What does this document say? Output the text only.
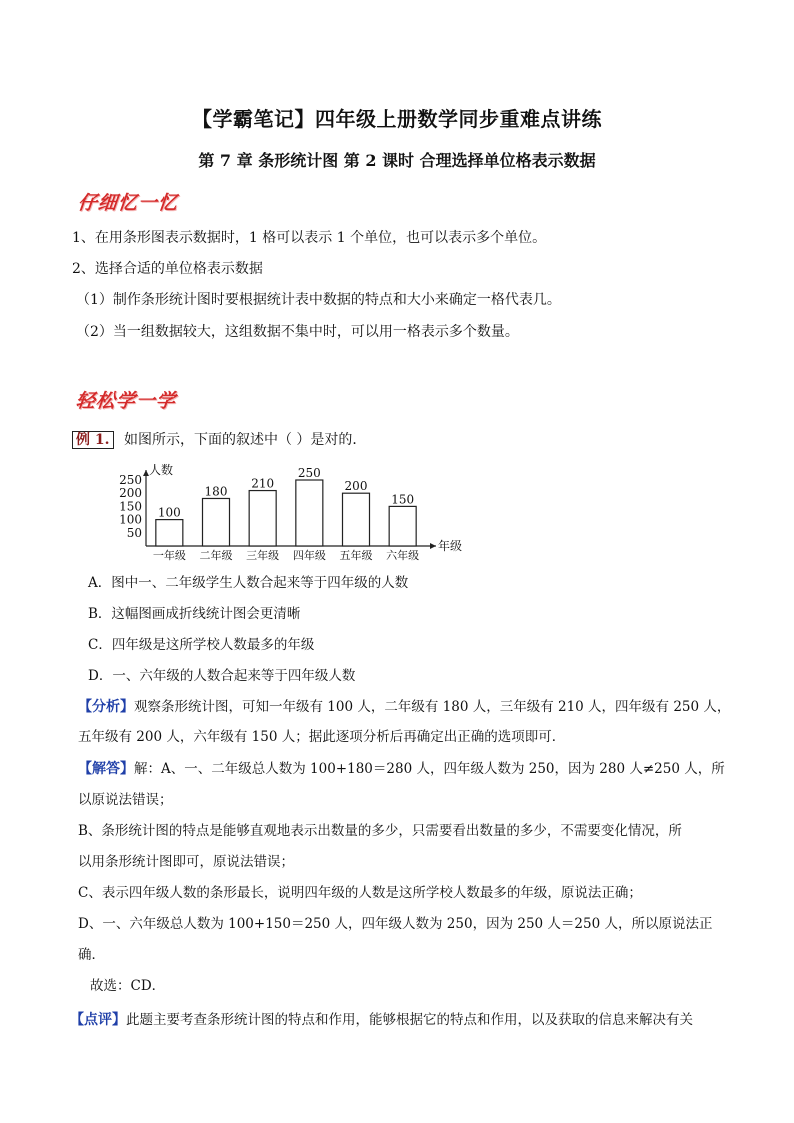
【学霸笔记】四年级上册数学同步重难点讲练
第 7 章 条形统计图 第 2 课时 合理选择单位格表示数据
仔细忆一忆
1、在用条形图表示数据时，1 格可以表示 1 个单位，也可以表示多个单位。
2、选择合适的单位格表示数据
（1）制作条形统计图时要根据统计表中数据的特点和大小来确定一格代表几。
（2）当一组数据较大，这组数据不集中时，可以用一格表示多个数量。
轻松学一学
例 1. 如图所示，下面的叙述中（ ）是对的．
人数
年级
50
100
150
200
250
100
一年级
180
二年级
210
三年级
250
四年级
200
五年级
150
六年级
A．图中一、二年级学生人数合起来等于四年级的人数
B．这幅图画成折线统计图会更清晰
C．四年级是这所学校人数最多的年级
D．一、六年级的人数合起来等于四年级人数
【分析】观察条形统计图，可知一年级有 100 人，二年级有 180 人，三年级有 210 人，四年级有 250 人，
五年级有 200 人，六年级有 150 人；据此逐项分析后再确定出正确的选项即可．
【解答】解：A、一、二年级总人数为 100+180＝280 人，四年级人数为 250，因为 280 人≠250 人，所
以原说法错误；
B、条形统计图的特点是能够直观地表示出数量的多少，只需要看出数量的多少，不需要变化情况，所
以用条形统计图即可，原说法错误；
C、表示四年级人数的条形最长，说明四年级的人数是这所学校人数最多的年级，原说法正确；
D、一、六年级总人数为 100+150＝250 人，四年级人数为 250，因为 250 人＝250 人，所以原说法正
确．
故选：CD．
【点评】此题主要考查条形统计图的特点和作用，能够根据它的特点和作用，以及获取的信息来解决有关
